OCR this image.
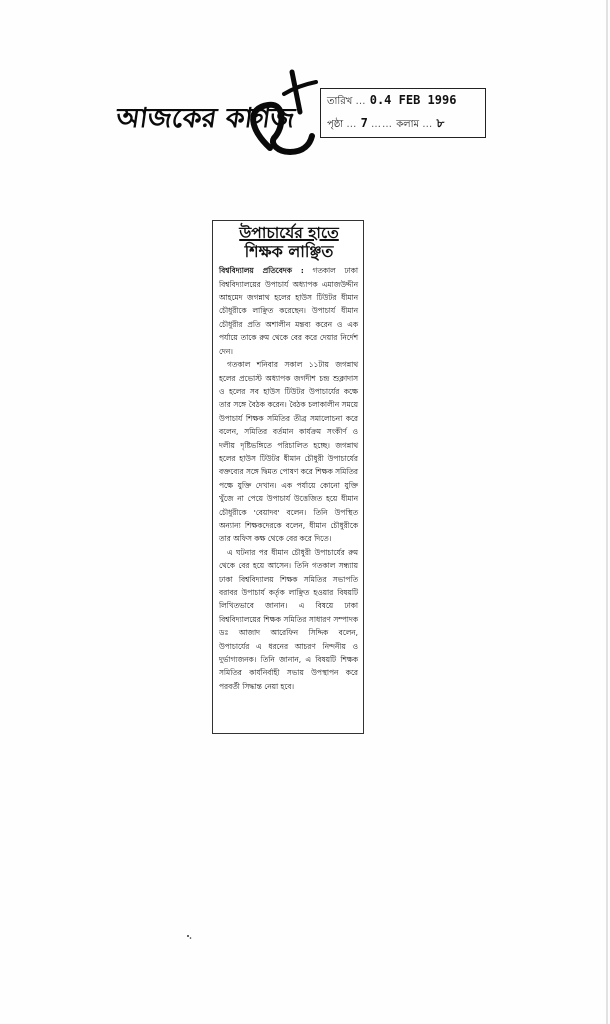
আজকের কাগজ
তারিখ … 0.4 FEB 1996
পৃষ্ঠা … 7 …… কলাম … ৮
উপাচার্যের হাতে
শিক্ষক লাঞ্ছিত

বিশ্ববিদ্যালয় প্রতিবেদক : গতকাল ঢাকা বিশ্ববিদ্যালয়ের উপাচার্য অধ্যাপক এমাজউদ্দীন আহমেদ জগন্নাথ হলের হাউস টিউটর ধীমান চৌধুরীকে লাঞ্ছিত করেছেন। উপাচার্য ধীমান চৌধুরীর প্রতি অশালীন মন্তব্য করেন ও এক পর্যায়ে তাকে রুম থেকে বের করে দেয়ার নির্দেশ দেন।

গতকাল শনিবার সকাল ১১টায় জগন্নাথ হলের প্রভোস্ট অধ্যাপক জগদীশ চন্দ্র শুক্লাদাস ও হলের সব হাউস টিউটর উপাচার্যের কক্ষে তার সঙ্গে বৈঠক করেন। বৈঠক চলাকালীন সময়ে উপাচার্য শিক্ষক সমিতির তীব্র সমালোচনা করে বলেন, সমিতির বর্তমান কার্যক্রম সংকীর্ণ ও দলীয় দৃষ্টিভঙ্গিতে পরিচালিত হচ্ছে। জগন্নাথ হলের হাউস টিউটর ধীমান চৌধুরী উপাচার্যের বক্তব্যের সঙ্গে দ্বিমত পোষণ করে শিক্ষক সমিতির পক্ষে যুক্তি দেখান। এক পর্যায়ে কোনো যুক্তি খুঁজে না পেয়ে উপাচার্য উত্তেজিত হয়ে ধীমান চৌধুরীকে 'বেয়াদব' বলেন। তিনি উপস্থিত অন্যান্য শিক্ষকদেরকে বলেন, ধীমান চৌধুরীকে তার অফিস কক্ষ থেকে বের করে দিতে।

এ ঘটনার পর ধীমান চৌধুরী উপাচার্যের রুম থেকে বের হয়ে আসেন। তিনি গতকাল সন্ধ্যায় ঢাকা বিশ্ববিদ্যালয় শিক্ষক সমিতির সভাপতি বরাবর উপাচার্য কর্তৃক লাঞ্ছিত হওয়ার বিষয়টি লিখিতভাবে জানান। এ বিষয়ে ঢাকা বিশ্ববিদ্যালয়ের শিক্ষক সমিতির সাধারণ সম্পাদক ডঃ আজাদ আরেফিন সিদ্দিক বলেন, উপাচার্যের এ ধরনের আচরণ নিন্দনীয় ও দুর্ভাগ্যজনক। তিনি জানান, এ বিষয়টি শিক্ষক সমিতির কার্যনির্বাহী সভায় উপস্থাপন করে পরবর্তী সিদ্ধান্ত নেয়া হবে।
